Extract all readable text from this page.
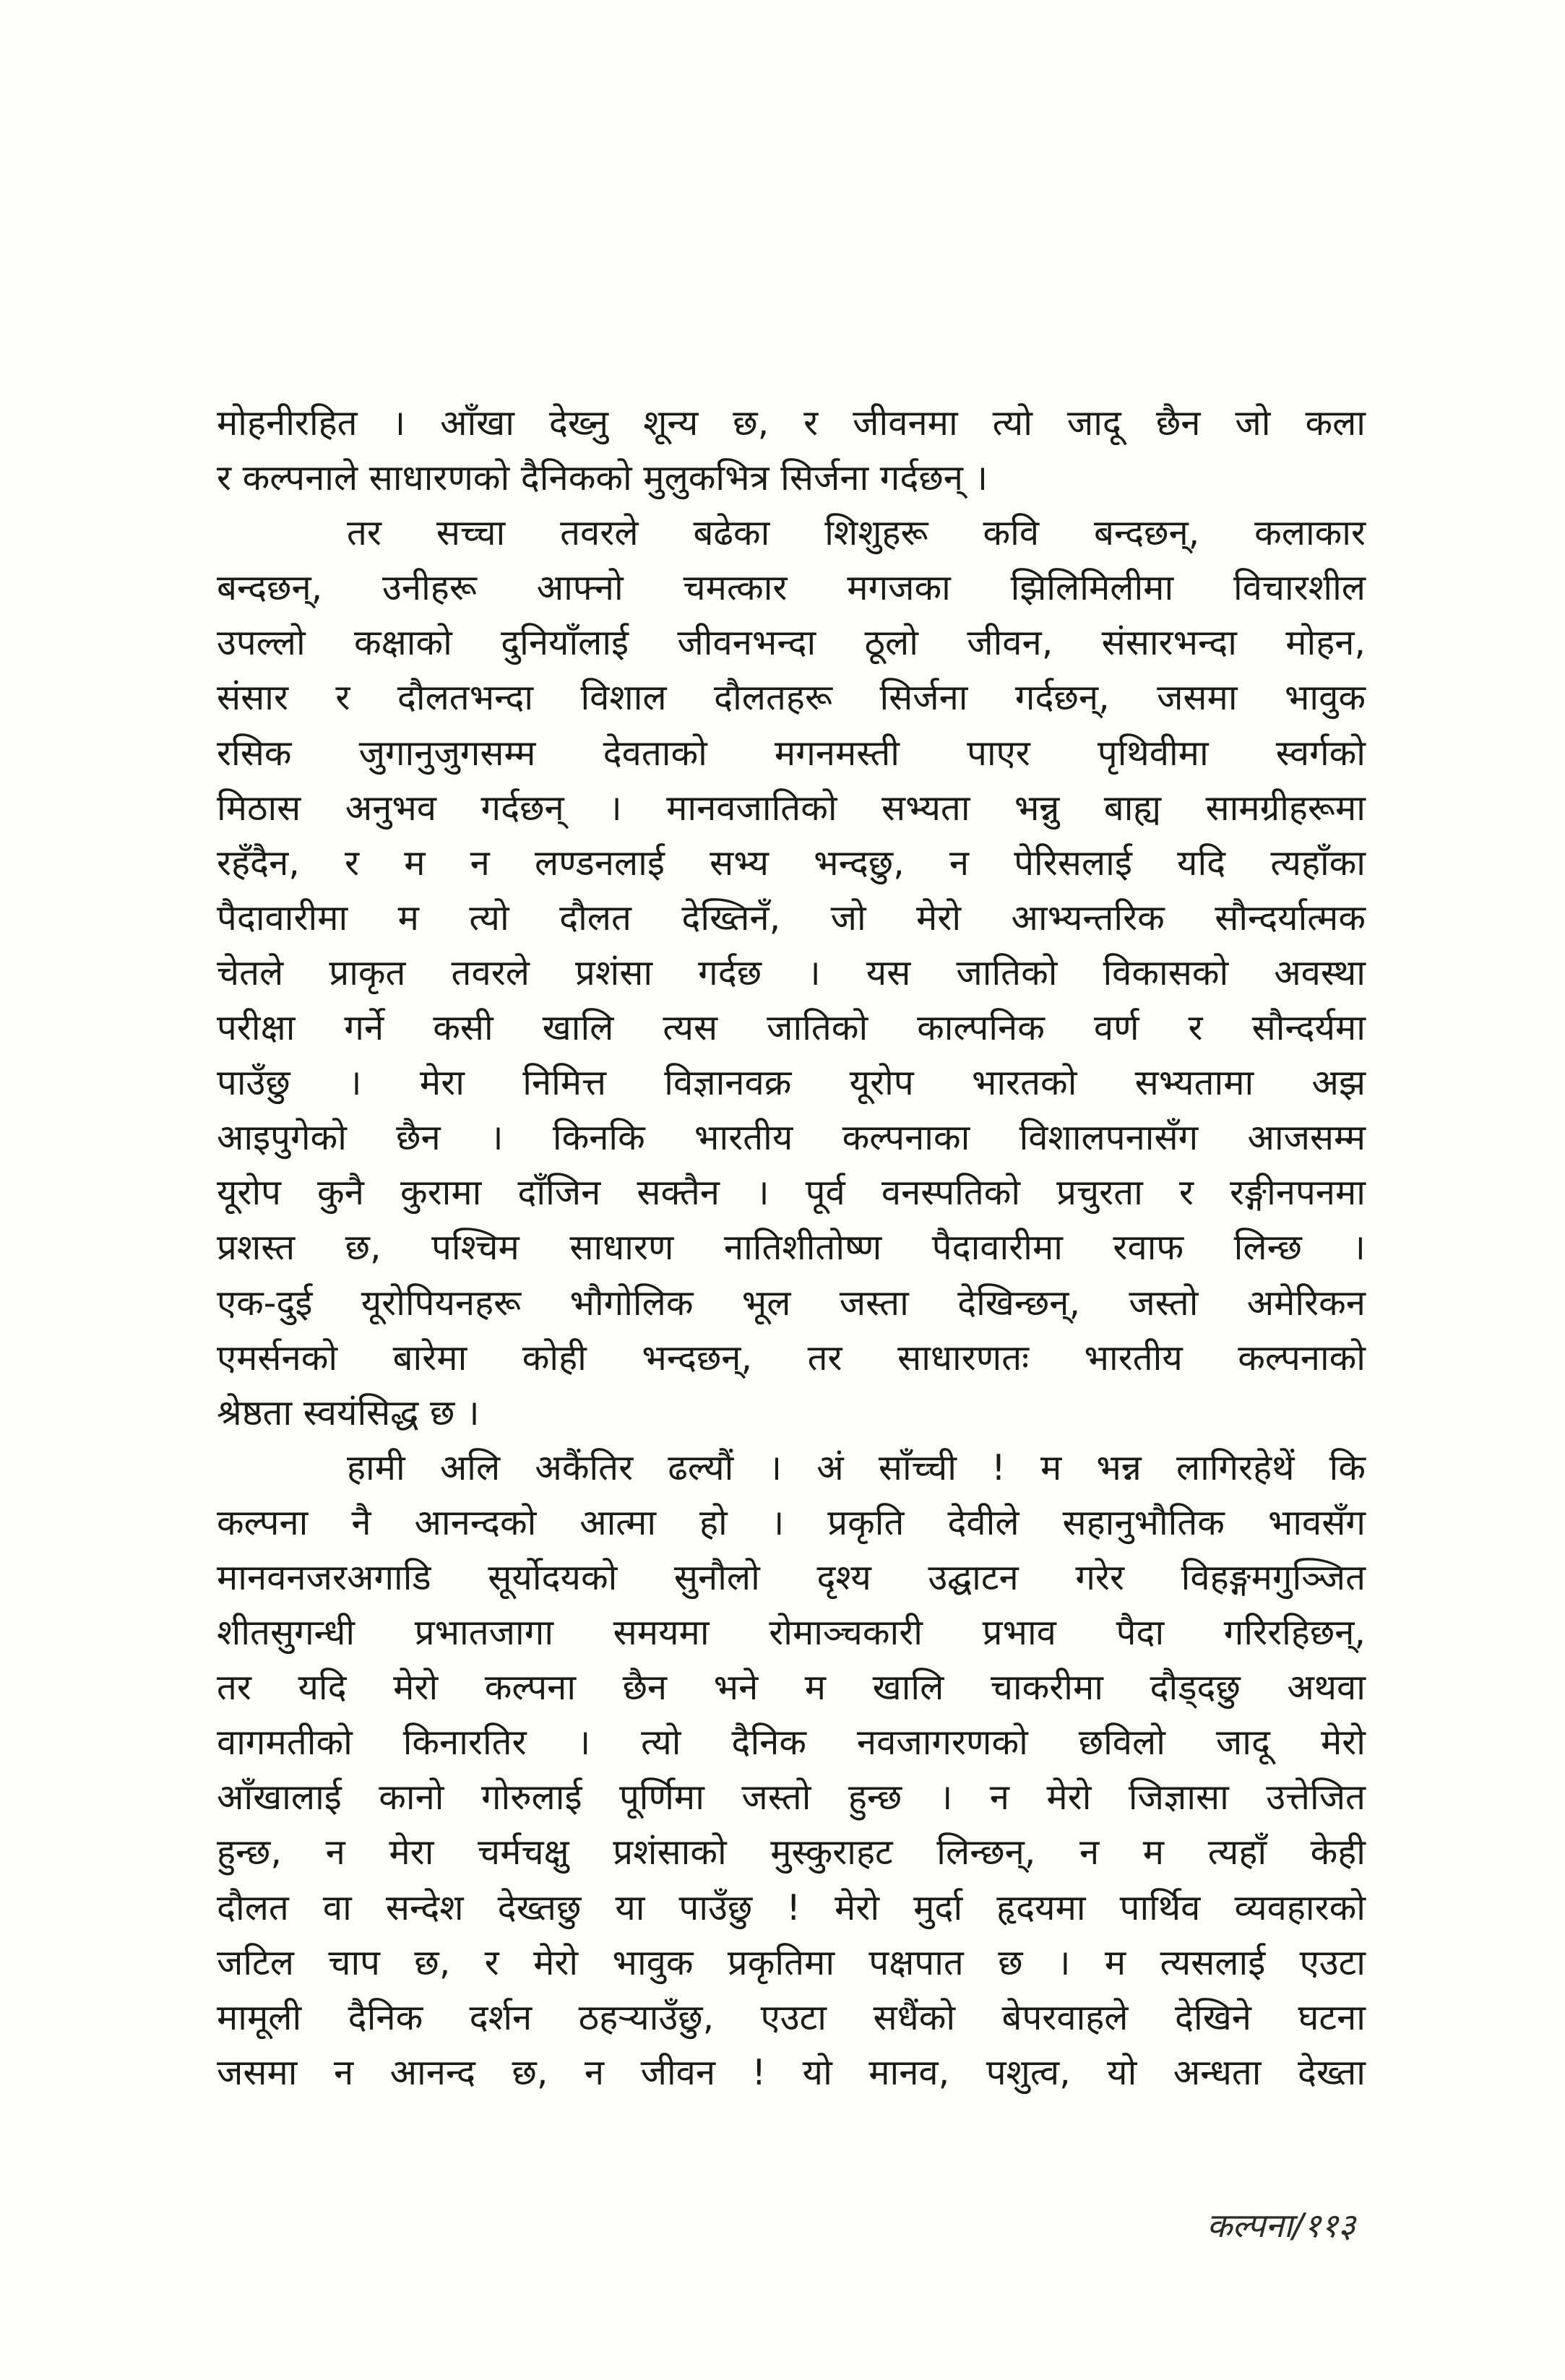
मोहनीरहित । आँखा देख्नु शून्य छ, र जीवनमा त्यो जादू छैन जो कला
र कल्पनाले साधारणको दैनिकको मुलुकभित्र सिर्जना गर्दछन् ।
तर सच्चा तवरले बढेका शिशुहरू कवि बन्दछन्, कलाकार
बन्दछन्, उनीहरू आफ्नो चमत्कार मगजका झिलिमिलीमा विचारशील
उपल्लो कक्षाको दुनियाँलाई जीवनभन्दा ठूलो जीवन, संसारभन्दा मोहन,
संसार र दौलतभन्दा विशाल दौलतहरू सिर्जना गर्दछन्, जसमा भावुक
रसिक जुगानुजुगसम्म देवताको मगनमस्ती पाएर पृथिवीमा स्वर्गको
मिठास अनुभव गर्दछन् । मानवजातिको सभ्यता भन्नु बाह्य सामग्रीहरूमा
रहँदैन, र म न लण्डनलाई सभ्य भन्दछु, न पेरिसलाई यदि त्यहाँका
पैदावारीमा म त्यो दौलत देख्तिनँ, जो मेरो आभ्यन्तरिक सौन्दर्यात्मक
चेतले प्राकृत तवरले प्रशंसा गर्दछ । यस जातिको विकासको अवस्था
परीक्षा गर्ने कसी खालि त्यस जातिको काल्पनिक वर्ण र सौन्दर्यमा
पाउँछु । मेरा निमित्त विज्ञानवक्र यूरोप भारतको सभ्यतामा अझ
आइपुगेको छैन । किनकि भारतीय कल्पनाका विशालपनासँग आजसम्म
यूरोप कुनै कुरामा दाँजिन सक्तैन । पूर्व वनस्पतिको प्रचुरता र रङ्गीनपनमा
प्रशस्त छ, पश्चिम साधारण नातिशीतोष्ण पैदावारीमा रवाफ लिन्छ ।
एक-दुई यूरोपियनहरू भौगोलिक भूल जस्ता देखिन्छन्, जस्तो अमेरिकन
एमर्सनको बारेमा कोही भन्दछन्, तर साधारणतः भारतीय कल्पनाको
श्रेष्ठता स्वयंसिद्ध छ ।
हामी अलि अकैंतिर ढल्यौं । अं साँच्ची ! म भन्न लागिरहेथें कि
कल्पना नै आनन्दको आत्मा हो । प्रकृति देवीले सहानुभौतिक भावसँग
मानवनजरअगाडि सूर्योदयको सुनौलो दृश्य उद्घाटन गरेर विहङ्गमगुञ्जित
शीतसुगन्धी प्रभातजागा समयमा रोमाञ्चकारी प्रभाव पैदा गरिरहिछन्,
तर यदि मेरो कल्पना छैन भने म खालि चाकरीमा दौड्दछु अथवा
वागमतीको किनारतिर । त्यो दैनिक नवजागरणको छविलो जादू मेरो
आँखालाई कानो गोरुलाई पूर्णिमा जस्तो हुन्छ । न मेरो जिज्ञासा उत्तेजित
हुन्छ, न मेरा चर्मचक्षु प्रशंसाको मुस्कुराहट लिन्छन्, न म त्यहाँ केही
दौलत वा सन्देश देख्तछु या पाउँछु ! मेरो मुर्दा हृदयमा पार्थिव व्यवहारको
जटिल चाप छ, र मेरो भावुक प्रकृतिमा पक्षपात छ । म त्यसलाई एउटा
मामूली दैनिक दर्शन ठहऱ्याउँछु, एउटा सधैंको बेपरवाहले देखिने घटना
जसमा न आनन्द छ, न जीवन ! यो मानव, पशुत्व, यो अन्धता देख्ता
कल्पना/११३
